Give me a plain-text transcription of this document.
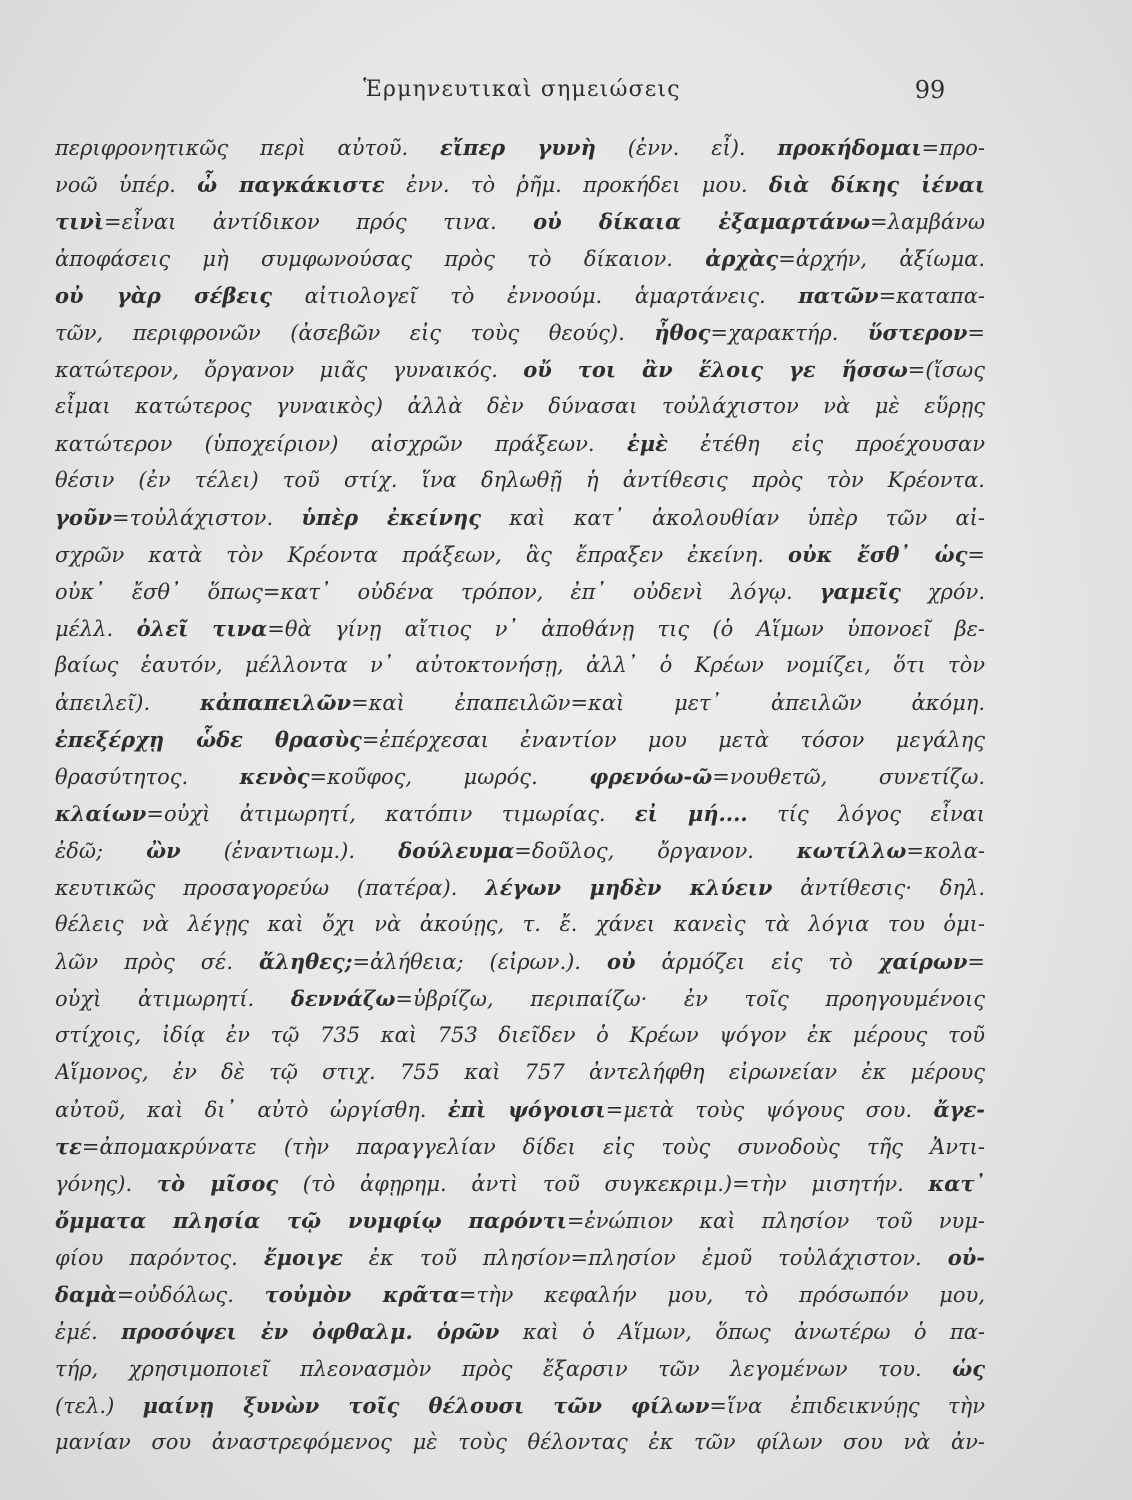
Ἑρμηνευτικαὶ σημειώσεις	99
περιφρονητικῶς περὶ αὐτοῦ. εἴπερ γυνὴ (ἐνν. εἶ). προκήδομαι=προ-
νοῶ ὑπέρ. ὦ παγκάκιστε ἐνν. τὸ ῥῆμ. προκήδει μου. διὰ δίκης ἰέναι
τινὶ=εἶναι ἀντίδικον πρός τινα. οὐ δίκαια ἐξαμαρτάνω=λαμβάνω
ἀποφάσεις μὴ συμφωνούσας πρὸς τὸ δίκαιον. ἀρχὰς=ἀρχήν, ἀξίωμα.
οὐ γὰρ σέβεις αἰτιολογεῖ τὸ ἐννοούμ. ἁμαρτάνεις. πατῶν=καταπα-
τῶν, περιφρονῶν (ἀσεβῶν εἰς τοὺς θεούς). ἦθος=χαρακτήρ. ὕστερον=
κατώτερον, ὄργανον μιᾶς γυναικός. οὔ τοι ἂν ἕλοις γε ἥσσω=(ἴσως
εἶμαι κατώτερος γυναικὸς) ἀλλὰ δὲν δύνασαι τοὐλάχιστον νὰ μὲ εὕρῃς
κατώτερον (ὑποχείριον) αἰσχρῶν πράξεων. ἐμὲ ἐτέθη εἰς προέχουσαν
θέσιν (ἐν τέλει) τοῦ στίχ. ἵνα δηλωθῇ ἡ ἀντίθεσις πρὸς τὸν Κρέοντα.
γοῦν=τοὐλάχιστον. ὑπὲρ ἐκείνης καὶ κατ᾽ ἀκολουθίαν ὑπὲρ τῶν αἰ-
σχρῶν κατὰ τὸν Κρέοντα πράξεων, ἃς ἔπραξεν ἐκείνη. οὐκ ἔσθ᾽ ὡς=
οὐκ᾽ ἔσθ᾽ ὅπως=κατ᾽ οὐδένα τρόπον, ἐπ᾽ οὐδενὶ λόγῳ. γαμεῖς χρόν.
μέλλ. ὀλεῖ τινα=θὰ γίνῃ αἴτιος ν᾽ ἀποθάνῃ τις (ὁ Αἵμων ὑπονοεῖ βε-
βαίως ἑαυτόν, μέλλοντα ν᾽ αὐτοκτονήσῃ, ἀλλ᾽ ὁ Κρέων νομίζει, ὅτι τὸν
ἀπειλεῖ). κἀπαπειλῶν=καὶ ἐπαπειλῶν=καὶ μετ᾽ ἀπειλῶν ἀκόμη.
ἐπεξέρχῃ ὧδε θρασὺς=ἐπέρχεσαι ἐναντίον μου μετὰ τόσον μεγάλης
θρασύτητος. κενὸς=κοῦφος, μωρός. φρενόω-ῶ=νουθετῶ, συνετίζω.
κλαίων=οὐχὶ ἀτιμωρητί, κατόπιν τιμωρίας. εἰ μή.... τίς λόγος εἶναι
ἐδῶ; ὢν (ἐναντιωμ.). δούλευμα=δοῦλος, ὄργανον. κωτίλλω=κολα-
κευτικῶς προσαγορεύω (πατέρα). λέγων μηδὲν κλύειν ἀντίθεσις· δηλ.
θέλεις νὰ λέγῃς καὶ ὄχι νὰ ἀκούῃς, τ. ἔ. χάνει κανεὶς τὰ λόγια του ὁμι-
λῶν πρὸς σέ. ἄληθες;=ἀλήθεια; (εἰρων.). οὐ ἁρμόζει εἰς τὸ χαίρων=
οὐχὶ ἀτιμωρητί. δεννάζω=ὑβρίζω, περιπαίζω· ἐν τοῖς προηγουμένοις
στίχοις, ἰδίᾳ ἐν τῷ 735 καὶ 753 διεῖδεν ὁ Κρέων ψόγον ἐκ μέρους τοῦ
Αἵμονος, ἐν δὲ τῷ στιχ. 755 καὶ 757 ἀντελήφθη εἰρωνείαν ἐκ μέρους
αὐτοῦ, καὶ δι᾽ αὐτὸ ὠργίσθη. ἐπὶ ψόγοισι=μετὰ τοὺς ψόγους σου. ἄγε-
τε=ἀπομακρύνατε (τὴν παραγγελίαν δίδει εἰς τοὺς συνοδοὺς τῆς Ἀντι-
γόνης). τὸ μῖσος (τὸ ἀφῃρημ. ἀντὶ τοῦ συγκεκριμ.)=τὴν μισητήν. κατ᾽
ὄμματα πλησία τῷ νυμφίῳ παρόντι=ἐνώπιον καὶ πλησίον τοῦ νυμ-
φίου παρόντος. ἔμοιγε ἐκ τοῦ πλησίον=πλησίον ἐμοῦ τοὐλάχιστον. οὐ-
δαμὰ=οὐδόλως. τοὐμὸν κρᾶτα=τὴν κεφαλήν μου, τὸ πρόσωπόν μου,
ἐμέ. προσόψει ἐν ὀφθαλμ. ὁρῶν καὶ ὁ Αἵμων, ὅπως ἀνωτέρω ὁ πα-
τήρ, χρησιμοποιεῖ πλεονασμὸν πρὸς ἔξαρσιν τῶν λεγομένων του. ὡς
(τελ.) μαίνῃ ξυνὼν τοῖς θέλουσι τῶν φίλων=ἵνα ἐπιδεικνύῃς τὴν
μανίαν σου ἀναστρεφόμενος μὲ τοὺς θέλοντας ἐκ τῶν φίλων σου νὰ ἀν-
